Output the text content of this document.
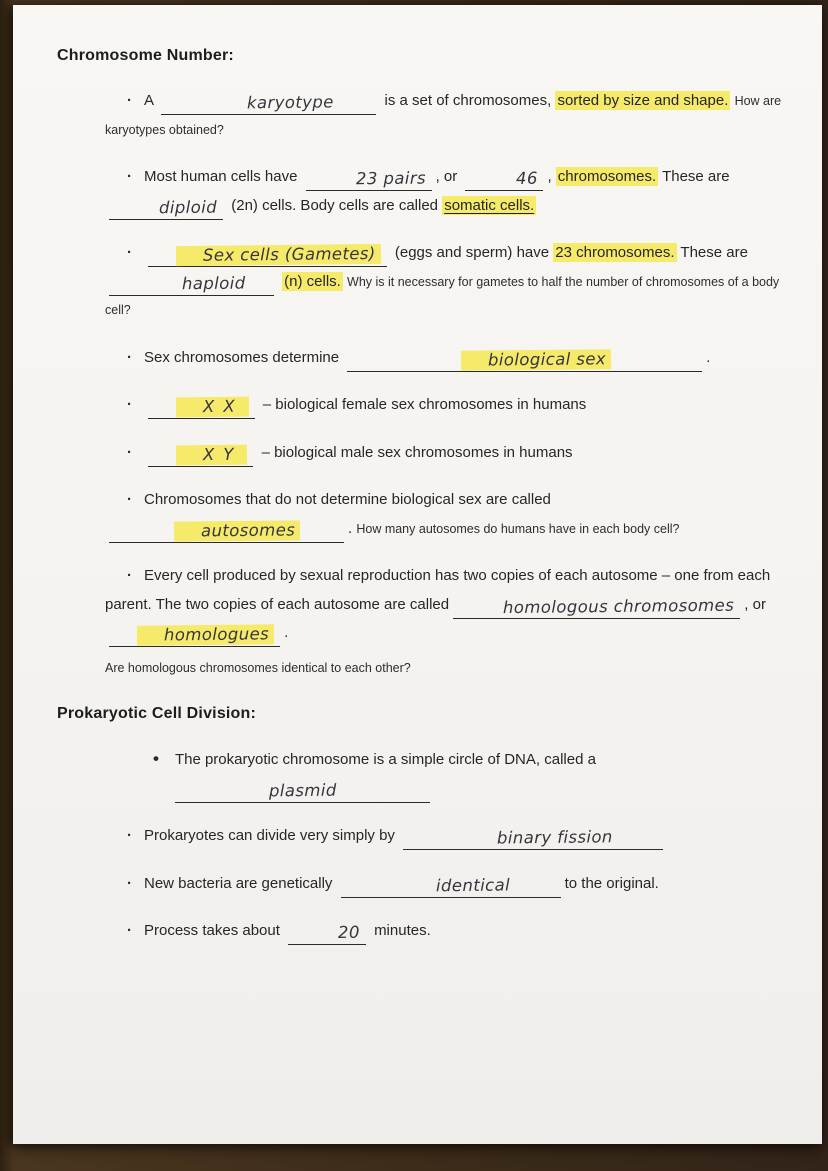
Chromosome Number:

· A	karyotype	is a set of chromosomes, sorted by size and shape. How are karyotypes obtained?

· Most human cells have	23 pairs , or	46 , chromosomes. These are diploid (2n) cells. Body cells are called somatic cells.

·	Sex cells (Gametes) (eggs and sperm) have 23 chromosomes. These are haploid	(n) cells. Why is it necessary for gametes to half the number of chromosomes of a body cell?

· Sex chromosomes determine	biological sex	.

·	XX – biological female sex chromosomes in humans

·	XY – biological male sex chromosomes in humans

· Chromosomes that do not determine biological sex are called autosomes	. How many autosomes do humans have in each body cell?

· Every cell produced by sexual reproduction has two copies of each autosome – one from each parent. The two copies of each autosome are called	homologous chromosomes , or homologues .

Are homologous chromosomes identical to each other?

Prokaryotic Cell Division:

• The prokaryotic chromosome is a simple circle of DNA, called a
plasmid

· Prokaryotes can divide very simply by	binary fission

· New bacteria are genetically	identical	to the original.

· Process takes about	20 minutes.
